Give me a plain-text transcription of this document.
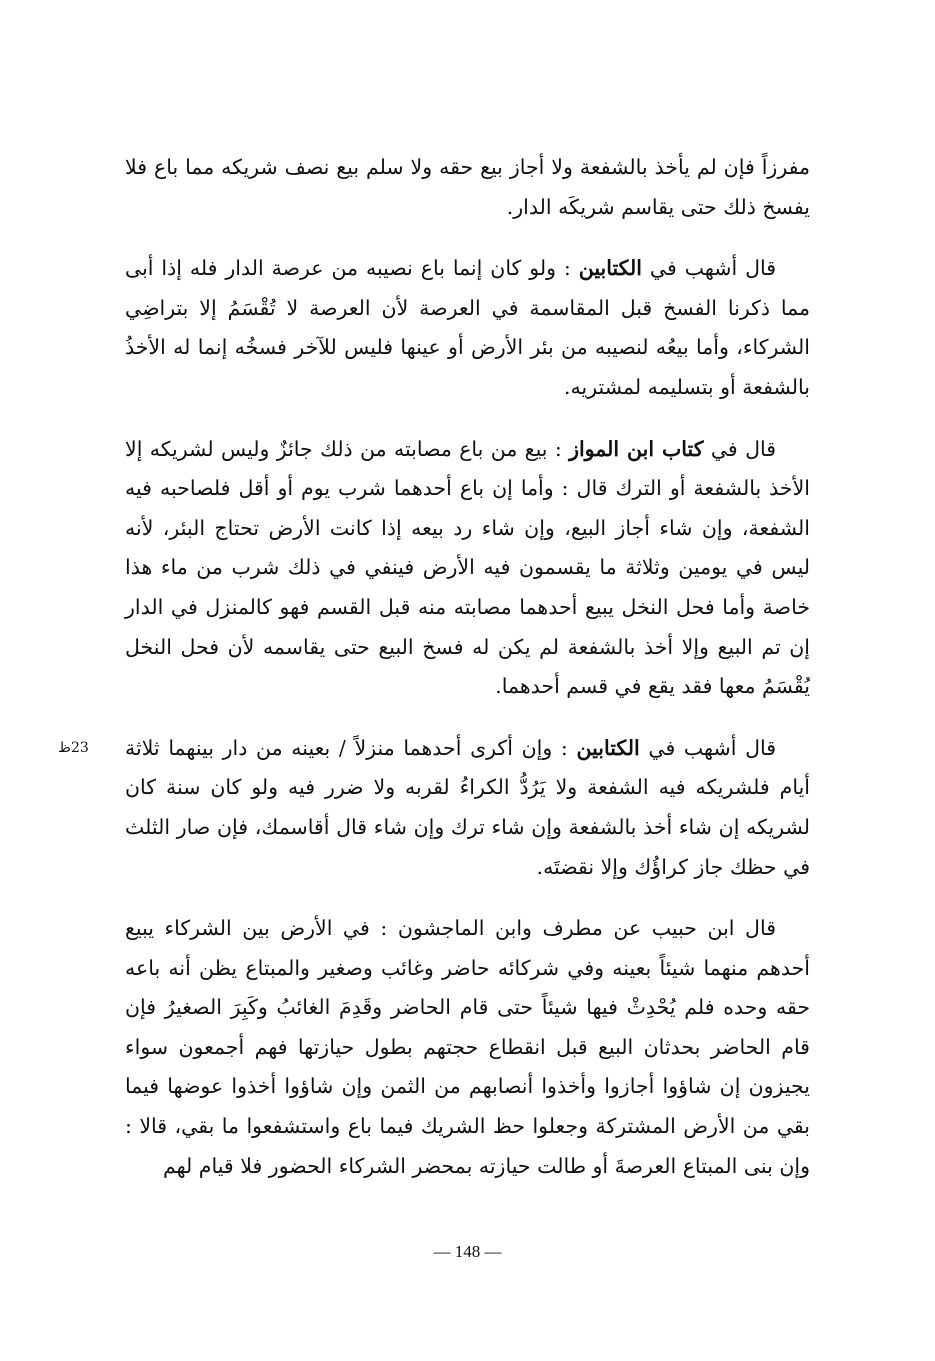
مفرزاً فإن لم يأخذ بالشفعة ولا أجاز بيع حقه ولا سلم بيع نصف شريكه مما باع فلا يفسخ ذلك حتى يقاسم شريكَه الدار.

قال أشهب في الكتابين : ولو كان إنما باع نصيبه من عرصة الدار فله إذا أبى مما ذكرنا الفسخ قبل المقاسمة في العرصة لأن العرصة لا تُقْسَمُ إلا بتراضِي الشركاء، وأما بيعُه لنصيبه من بئر الأرض أو عينها فليس للآخر فسخُه إنما له الأخذُ بالشفعة أو بتسليمه لمشتريه.

قال في كتاب ابن المواز : بيع من باع مصابته من ذلك جائزٌ وليس لشريكه إلا الأخذ بالشفعة أو الترك قال : وأما إن باع أحدهما شرب يوم أو أقل فلصاحبه فيه الشفعة، وإن شاء أجاز البيع، وإن شاء رد بيعه إذا كانت الأرض تحتاج البئر، لأنه ليس في يومين وثلاثة ما يقسمون فيه الأرض فينفي في ذلك شرب من ماء هذا خاصة وأما فحل النخل يبيع أحدهما مصابته منه قبل القسم فهو كالمنزل في الدار إن تم البيع وإلا أخذ بالشفعة لم يكن له فسخ البيع حتى يقاسمه لأن فحل النخل يُقْسَمُ معها فقد يقع في قسم أحدهما.

قال أشهب في الكتابين : وإن أكرى أحدهما منزلاً / بعينه من دار بينهما ثلاثة أيام فلشريكه فيه الشفعة ولا يَرُدُّ الكراءُ لقربه ولا ضرر فيه ولو كان سنة كان لشريكه إن شاء أخذ بالشفعة وإن شاء ترك وإن شاء قال أقاسمك، فإن صار الثلث في حظك جاز كراؤُك وإلا نقضتَه.

قال ابن حبيب عن مطرف وابن الماجشون : في الأرض بين الشركاء يبيع أحدهم منهما شيئاً بعينه وفي شركائه حاضر وغائب وصغير والمبتاع يظن أنه باعه حقه وحده فلم يُحْدِثْ فيها شيئاً حتى قام الحاضر وقَدِمَ الغائبُ وكَبِرَ الصغيرُ فإن قام الحاضر بحدثان البيع قبل انقطاع حجتهم بطول حيازتها فهم أجمعون سواء يجيزون إن شاؤوا أجازوا وأخذوا أنصابهم من الثمن وإن شاؤوا أخذوا عوضها فيما بقي من الأرض المشتركة وجعلوا حظ الشريك فيما باع واستشفعوا ما بقي، قالا : وإن بنى المبتاع العرصةَ أو طالت حيازته بمحضر الشركاء الحضور فلا قيام لهم

23ظ
— 148 —
